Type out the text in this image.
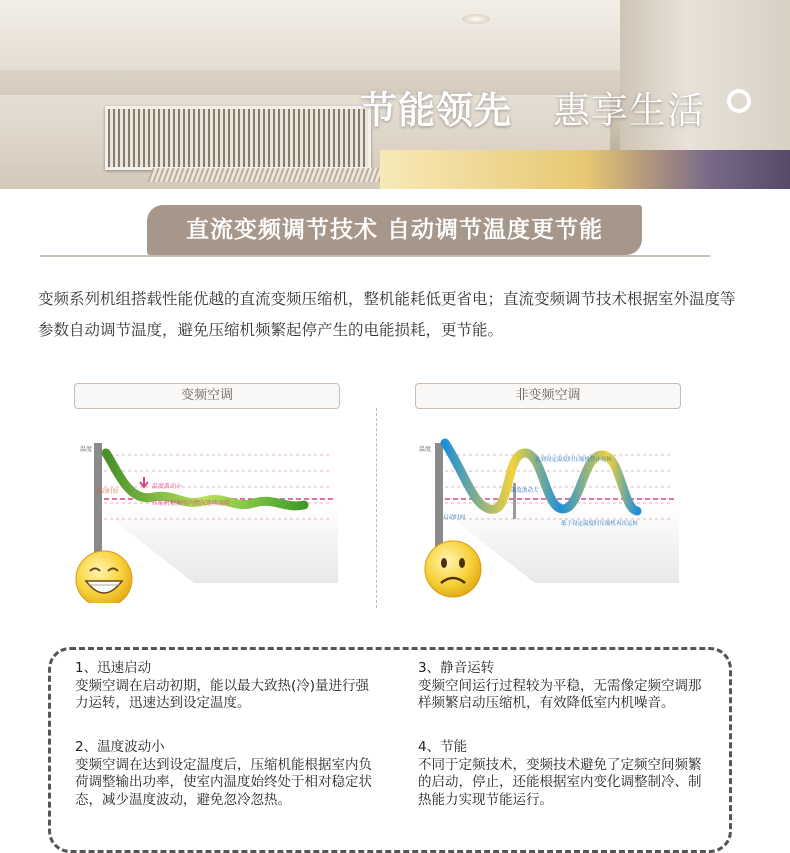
节能领先 惠享生活
直流变频调节技术 自动调节温度更节能
变频系列机组搭载性能优越的直流变频压缩机，整机能耗低更省电；直流变频调节技术根据室外温度等参数自动调节温度，避免压缩机频繁起停产生的电能损耗，更节能。
变频空调
温度
温度波动小
压缩机根据室内情况连续运转
启动时间
非变频空调
温度
达到设定温度时压缩机停止运转
温度波动大
低于设定温度时压缩机再次运转
启动时间
1、迅速启动
变频空调在启动初期，能以最大致热(冷)量进行强力运转，迅速达到设定温度。
3、静音运转
变频空间运行过程较为平稳，无需像定频空调那样频繁启动压缩机，有效降低室内机噪音。
2、温度波动小
变频空调在达到设定温度后，压缩机能根据室内负荷调整输出功率，使室内温度始终处于相对稳定状态，减少温度波动，避免忽冷忽热。
4、节能
不同于定频技术，变频技术避免了定频空间频繁的启动，停止，还能根据室内变化调整制冷、制热能力实现节能运行。
